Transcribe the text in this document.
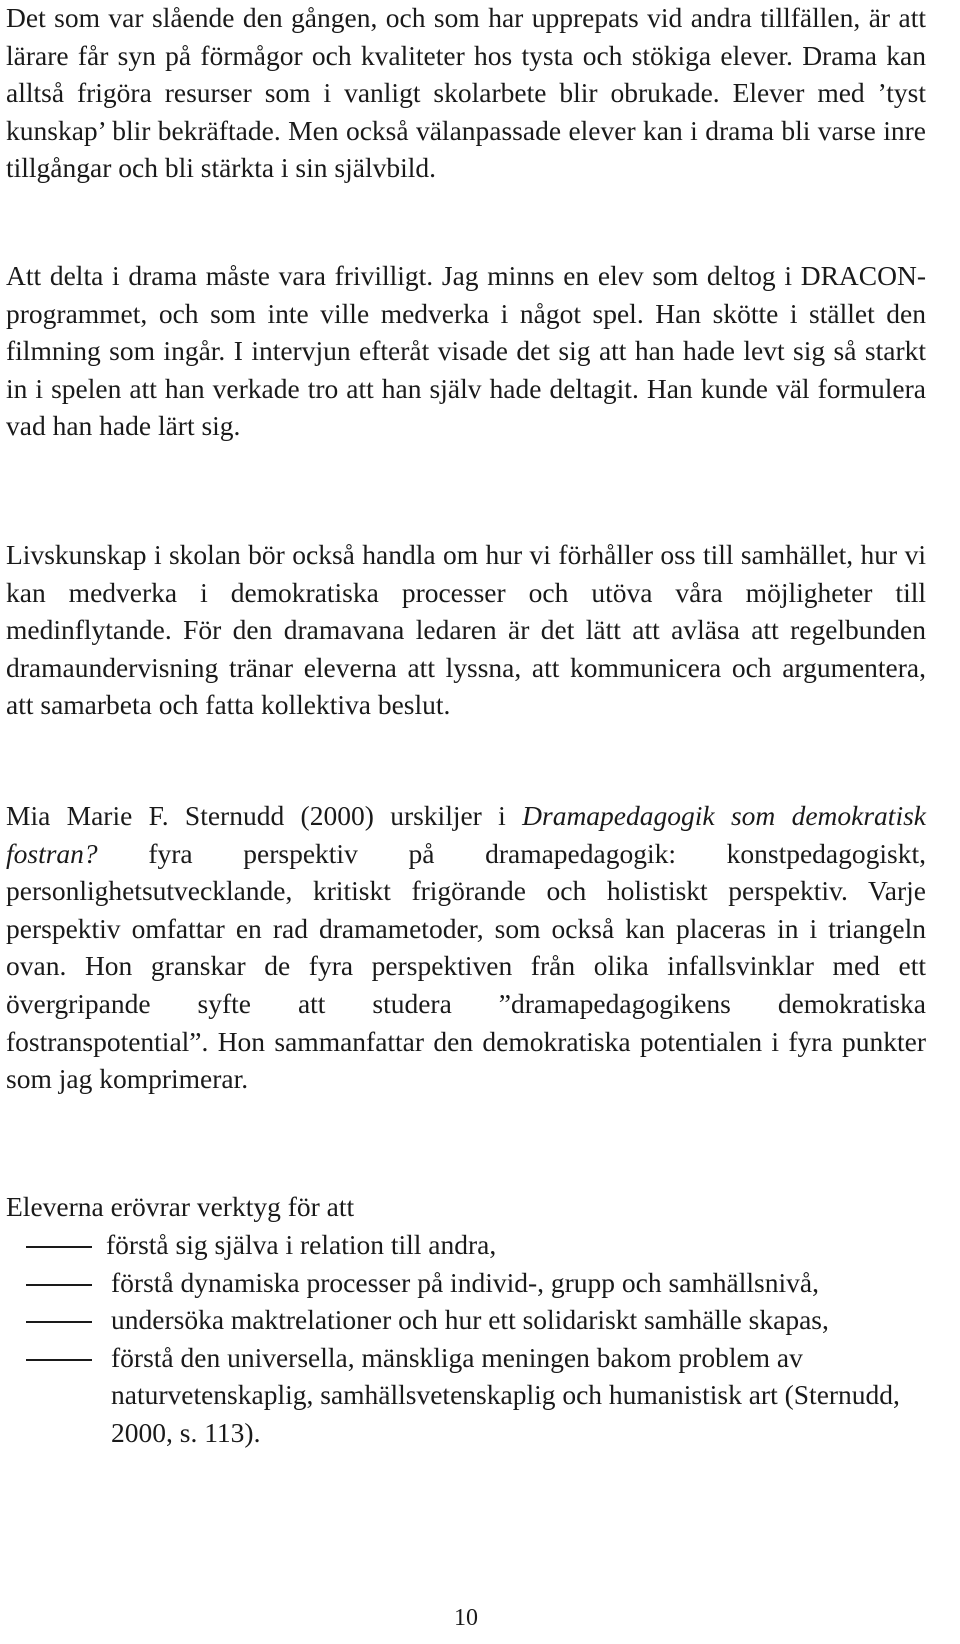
Det som var slående den gången, och som har upprepats vid andra tillfällen, är att lärare får syn på förmågor och kvaliteter hos tysta och stökiga elever. Drama kan alltså frigöra resurser som i vanligt skolarbete blir obrukade. Elever med ’tyst kunskap’ blir bekräftade. Men också välanpassade elever kan i drama bli varse inre tillgångar och bli stärkta i sin självbild.

Att delta i drama måste vara frivilligt. Jag minns en elev som deltog i DRACON-programmet, och som inte ville medverka i något spel. Han skötte i stället den filmning som ingår. I intervjun efteråt visade det sig att han hade levt sig så starkt in i spelen att han verkade tro att han själv hade deltagit. Han kunde väl formulera vad han hade lärt sig.

Livskunskap i skolan bör också handla om hur vi förhåller oss till samhället, hur vi kan medverka i demokratiska processer och utöva våra möjligheter till medinflytande. För den dramavana ledaren är det lätt att avläsa att regelbunden dramaundervisning tränar eleverna att lyssna, att kommunicera och argumentera, att samarbeta och fatta kollektiva beslut.

Mia Marie F. Sternudd (2000) urskiljer i Dramapedagogik som demokratisk fostran? fyra perspektiv på dramapedagogik: konstpedagogiskt, personlighetsutvecklande, kritiskt frigörande och holistiskt perspektiv. Varje perspektiv omfattar en rad dramametoder, som också kan placeras in i triangeln ovan. Hon granskar de fyra perspektiven från olika infallsvinklar med ett övergripande syfte att studera ”dramapedagogikens demokratiska fostranspotential”. Hon sammanfattar den demokratiska potentialen i fyra punkter som jag komprimerar.

Eleverna erövrar verktyg för att

förstå sig själva i relation till andra,
förstå dynamiska processer på individ-, grupp och samhällsnivå,
undersöka maktrelationer och hur ett solidariskt samhälle skapas,
förstå den universella, mänskliga meningen bakom problem av naturvetenskaplig, samhällsvetenskaplig och humanistisk art (Sternudd, 2000, s. 113).
10
